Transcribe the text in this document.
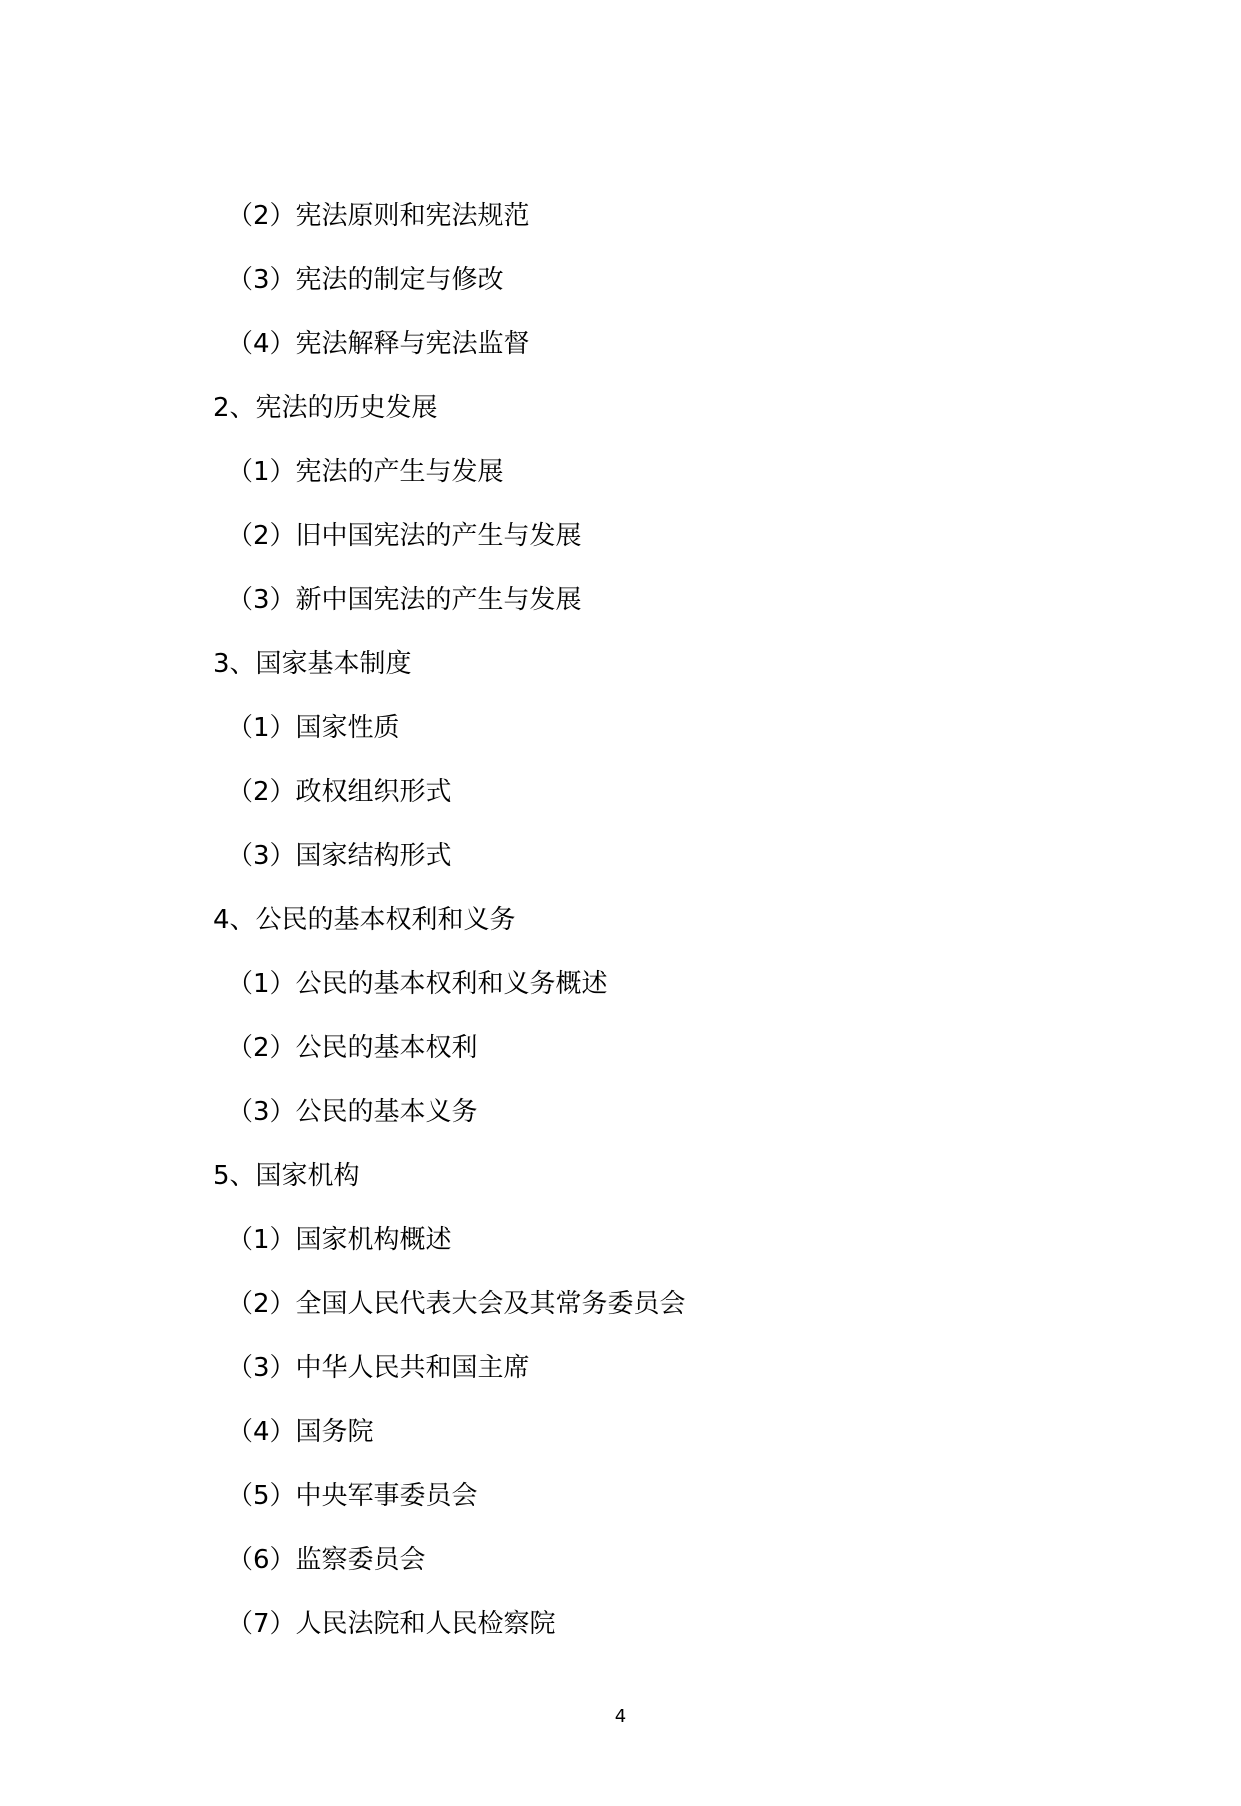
（2）宪法原则和宪法规范
（3）宪法的制定与修改
（4）宪法解释与宪法监督
2、宪法的历史发展
（1）宪法的产生与发展
（2）旧中国宪法的产生与发展
（3）新中国宪法的产生与发展
3、国家基本制度
（1）国家性质
（2）政权组织形式
（3）国家结构形式
4、公民的基本权利和义务
（1）公民的基本权利和义务概述
（2）公民的基本权利
（3）公民的基本义务
5、国家机构
（1）国家机构概述
（2）全国人民代表大会及其常务委员会
（3）中华人民共和国主席
（4）国务院
（5）中央军事委员会
（6）监察委员会
（7）人民法院和人民检察院
4
